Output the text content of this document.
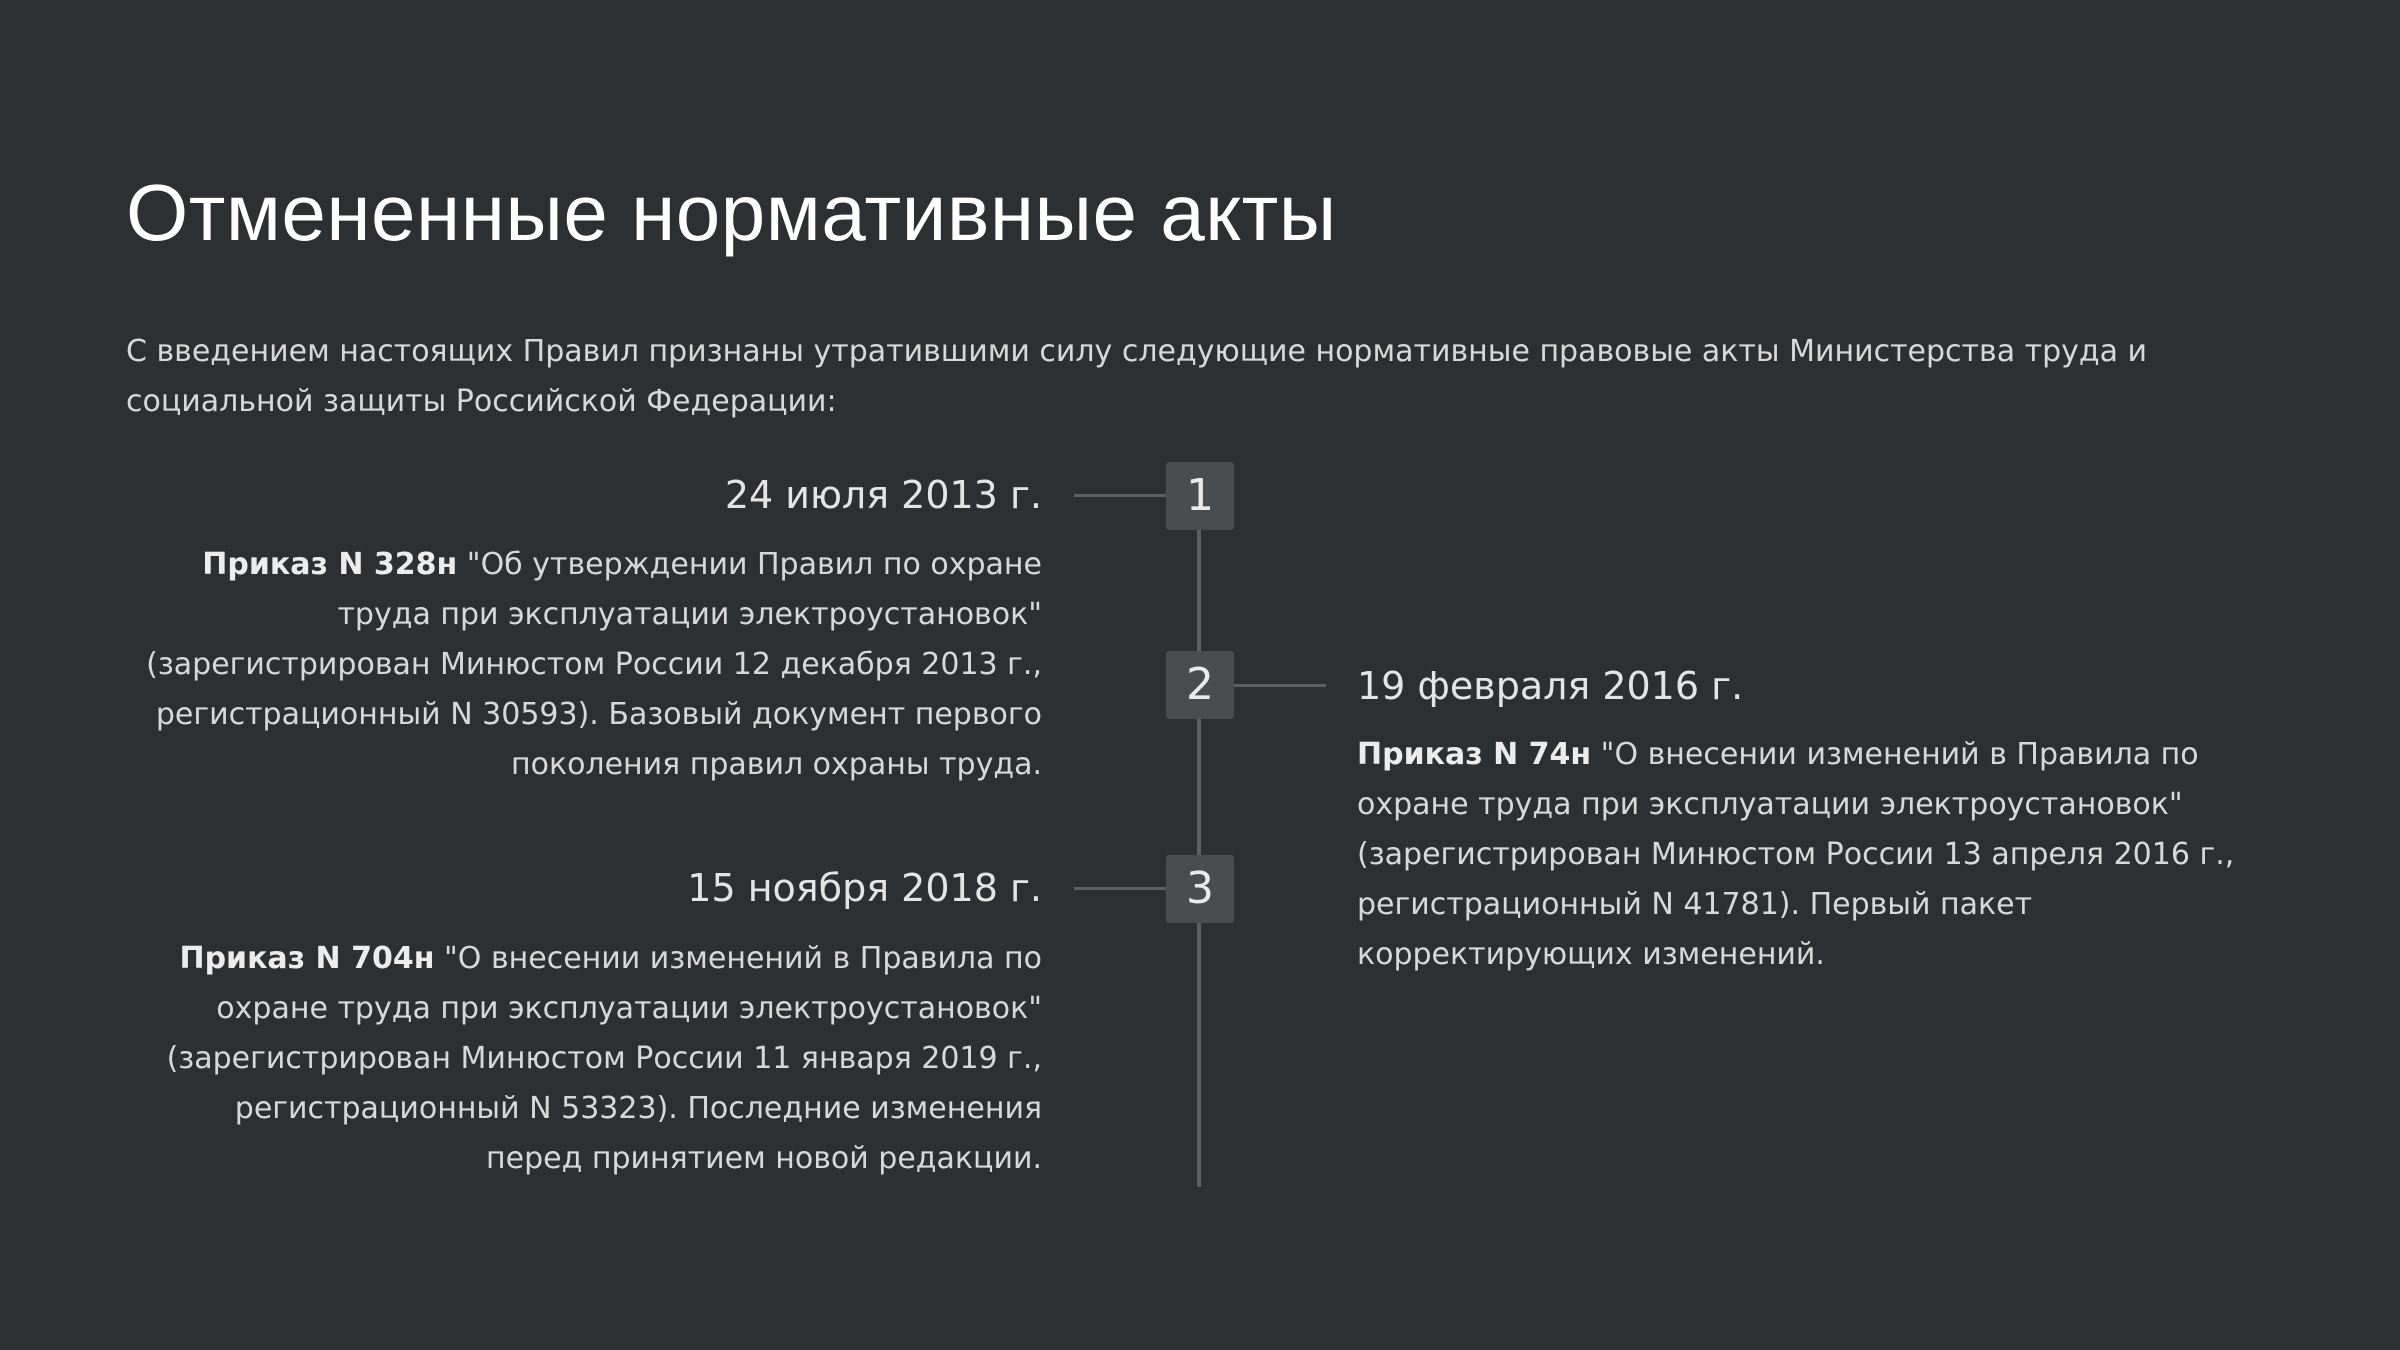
Отмененные нормативные акты

С введением настоящих Правил признаны утратившими силу следующие нормативные правовые акты Министерства труда и социальной защиты Российской Федерации:

1
24 июля 2013 г.

Приказ N 328н "Об утверждении Правил по охране труда при эксплуатации электроустановок" (зарегистрирован Минюстом России 12 декабря 2013 г., регистрационный N 30593). Базовый документ первого поколения правил охраны труда.

2	19 февраля 2016 г.

Приказ N 74н "О внесении изменений в Правила по охране труда при эксплуатации электроустановок" (зарегистрирован Минюстом России 13 апреля 2016 г., регистрационный N 41781). Первый пакет корректирующих изменений.

3
15 ноября 2018 г.

Приказ N 704н "О внесении изменений в Правила по охране труда при эксплуатации электроустановок" (зарегистрирован Минюстом России 11 января 2019 г., регистрационный N 53323). Последние изменения перед принятием новой редакции.
